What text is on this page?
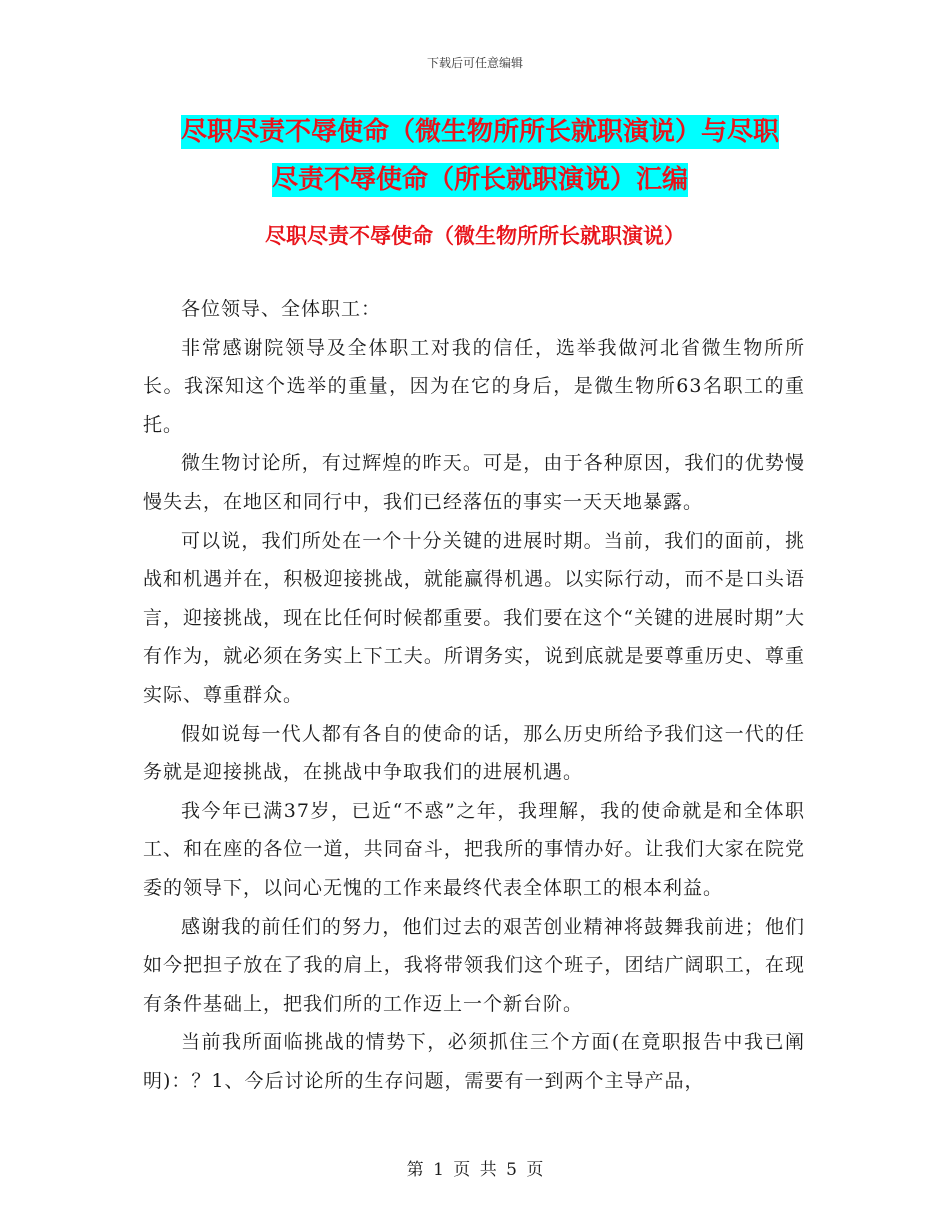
下载后可任意编辑
尽职尽责不辱使命（微生物所所长就职演说）与尽职
尽责不辱使命（所长就职演说）汇编
尽职尽责不辱使命（微生物所所长就职演说）

各位领导、全体职工：

非常感谢院领导及全体职工对我的信任，选举我做河北省微生物所所长。我深知这个选举的重量，因为在它的身后，是微生物所63名职工的重托。

微生物讨论所，有过辉煌的昨天。可是，由于各种原因，我们的优势慢慢失去，在地区和同行中，我们已经落伍的事实一天天地暴露。

可以说，我们所处在一个十分关键的进展时期。当前，我们的面前，挑战和机遇并在，积极迎接挑战，就能赢得机遇。以实际行动，而不是口头语言，迎接挑战，现在比任何时候都重要。我们要在这个“关键的进展时期”大有作为，就必须在务实上下工夫。所谓务实，说到底就是要尊重历史、尊重实际、尊重群众。

假如说每一代人都有各自的使命的话，那么历史所给予我们这一代的任务就是迎接挑战，在挑战中争取我们的进展机遇。

我今年已满37岁，已近“不惑”之年，我理解，我的使命就是和全体职工、和在座的各位一道，共同奋斗，把我所的事情办好。让我们大家在院党委的领导下，以问心无愧的工作来最终代表全体职工的根本利益。

感谢我的前任们的努力，他们过去的艰苦创业精神将鼓舞我前进；他们如今把担子放在了我的肩上，我将带领我们这个班子，团结广阔职工，在现有条件基础上，把我们所的工作迈上一个新台阶。

当前我所面临挑战的情势下，必须抓住三个方面(在竟职报告中我已阐明)：？1、今后讨论所的生存问题，需要有一到两个主导产品，

第 1 页 共 5 页
